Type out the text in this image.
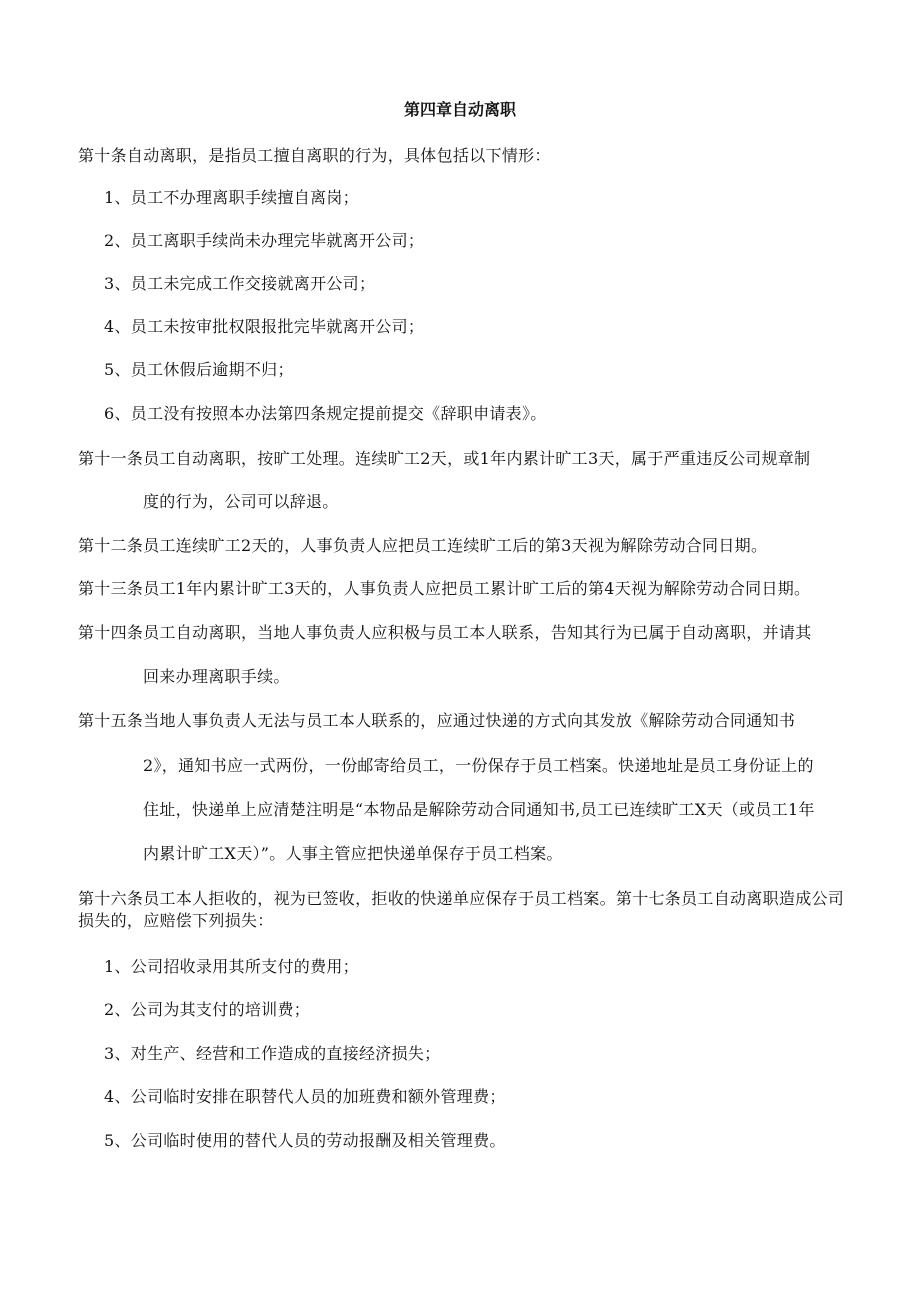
第四章自动离职
第十条自动离职，是指员工擅自离职的行为，具体包括以下情形：
1、员工不办理离职手续擅自离岗；
2、员工离职手续尚未办理完毕就离开公司；
3、员工未完成工作交接就离开公司；
4、员工未按审批权限报批完毕就离开公司；
5、员工休假后逾期不归；
6、员工没有按照本办法第四条规定提前提交《辞职申请表》。
第十一条员工自动离职，按旷工处理。连续旷工2天，或1年内累计旷工3天，属于严重违反公司规章制
度的行为，公司可以辞退。
第十二条员工连续旷工2天的，人事负责人应把员工连续旷工后的第3天视为解除劳动合同日期。
第十三条员工1年内累计旷工3天的，人事负责人应把员工累计旷工后的第4天视为解除劳动合同日期。
第十四条员工自动离职，当地人事负责人应积极与员工本人联系，告知其行为已属于自动离职，并请其
回来办理离职手续。
第十五条当地人事负责人无法与员工本人联系的，应通过快递的方式向其发放《解除劳动合同通知书
2》，通知书应一式两份，一份邮寄给员工，一份保存于员工档案。快递地址是员工身份证上的
住址，快递单上应清楚注明是“本物品是解除劳动合同通知书,员工已连续旷工X天（或员工1年
内累计旷工X天）”。人事主管应把快递单保存于员工档案。
第十六条员工本人拒收的，视为已签收，拒收的快递单应保存于员工档案。第十七条员工自动离职造成公司损失的，应赔偿下列损失：
1、公司招收录用其所支付的费用；
2、公司为其支付的培训费；
3、对生产、经营和工作造成的直接经济损失；
4、公司临时安排在职替代人员的加班费和额外管理费；
5、公司临时使用的替代人员的劳动报酬及相关管理费。
